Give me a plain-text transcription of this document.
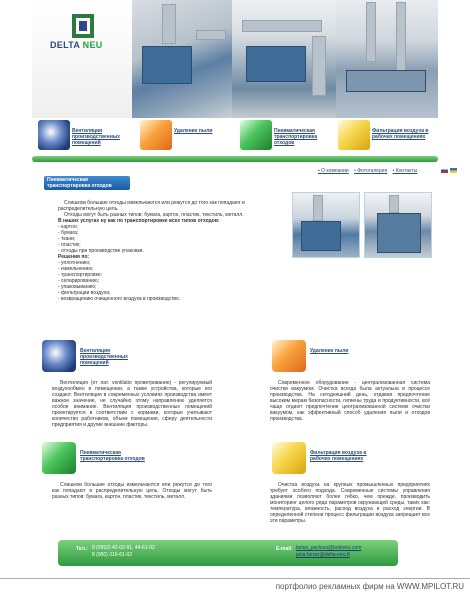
DELTA NEU
Вентиляция производственных помещений
Удаление пыли	Пневматическая транспортировка отходов
Фильтрация воздуха в рабочих помещениях
• О компании • Фотогалерея • Контакты

Пневматическая транспортировка отходов

Слишком большие отходы измельчаются или режутся до того как попадают в распределительную цель.

Отходы могут быть разных типов: бумага, картон, пластик, текстиль, металл.

В наших услугах ну как по транспортировке всех типов отходов:

- картон;
- бумага;
- ткани;
- пластик;
- отходы при производстве упаковки.

Решения по:

- уплотнению;
- измельчению;
- транспортировке;
- сепарированию;
- упаковыванию;
- фильтрации воздуха;
- возвращению очищенного воздуха в производство.
Вентиляция производственных помещений
Вентиляция (от лат. ventilatio проветривание) - регулируемый воздухообмен в помещении, а также устройства, которые его создают. Вентиляция в современных условиях производства имеет важное значение, не случайно этому направлению уделяется особое внимание. Вентиляция производственных помещений проектируется в соответствии с нормами, которые учитывают количество работников, объем помещения, сферу деятельности предприятия и другие внешние факторы.
Удаление пыли
Современное оборудование - централизованная система очистки вакуумом. Очистка всегда была актуальна в процессе производства. На сегодняшний день, отдавая предпочтение высоким мерам безопасности, гигиены труда и продуктивности, всё чаще отдают предпочтение централизованной системе очистки вакуумом, как эффективный способ удаления пыли и отходов производства.
Пневматическая транспортировка отходов
Слишком большие отходы измельчаются или режутся до того как попадают в распределительную цель. Отходы могут быть разных типов: бумага, картон, пластик, текстиль, металл.
Фильтрация воздуха в рабочих помещениях
Очистка воздуха на крупных промышленных предприятиях требует особого подхода. Современные системы управления зданиями позволяют более гибко, чем прежде, производить мониторинг целого ряда параметров окружающей среды, таких как: температура, влажность, расход воздуха и расход энергии. В определенной степени процесс фильтрации воздуха запрещает все эти параметры.
Тел.: 8 (5552) 42-02-91, 44-61-02
8 (950) 319-61-02
E-mail: larisa_pavlova@brokeks.com
jana.farraz@delta-neu.ft
портфолио рекламных фирм на WWW.MPILOT.RU
